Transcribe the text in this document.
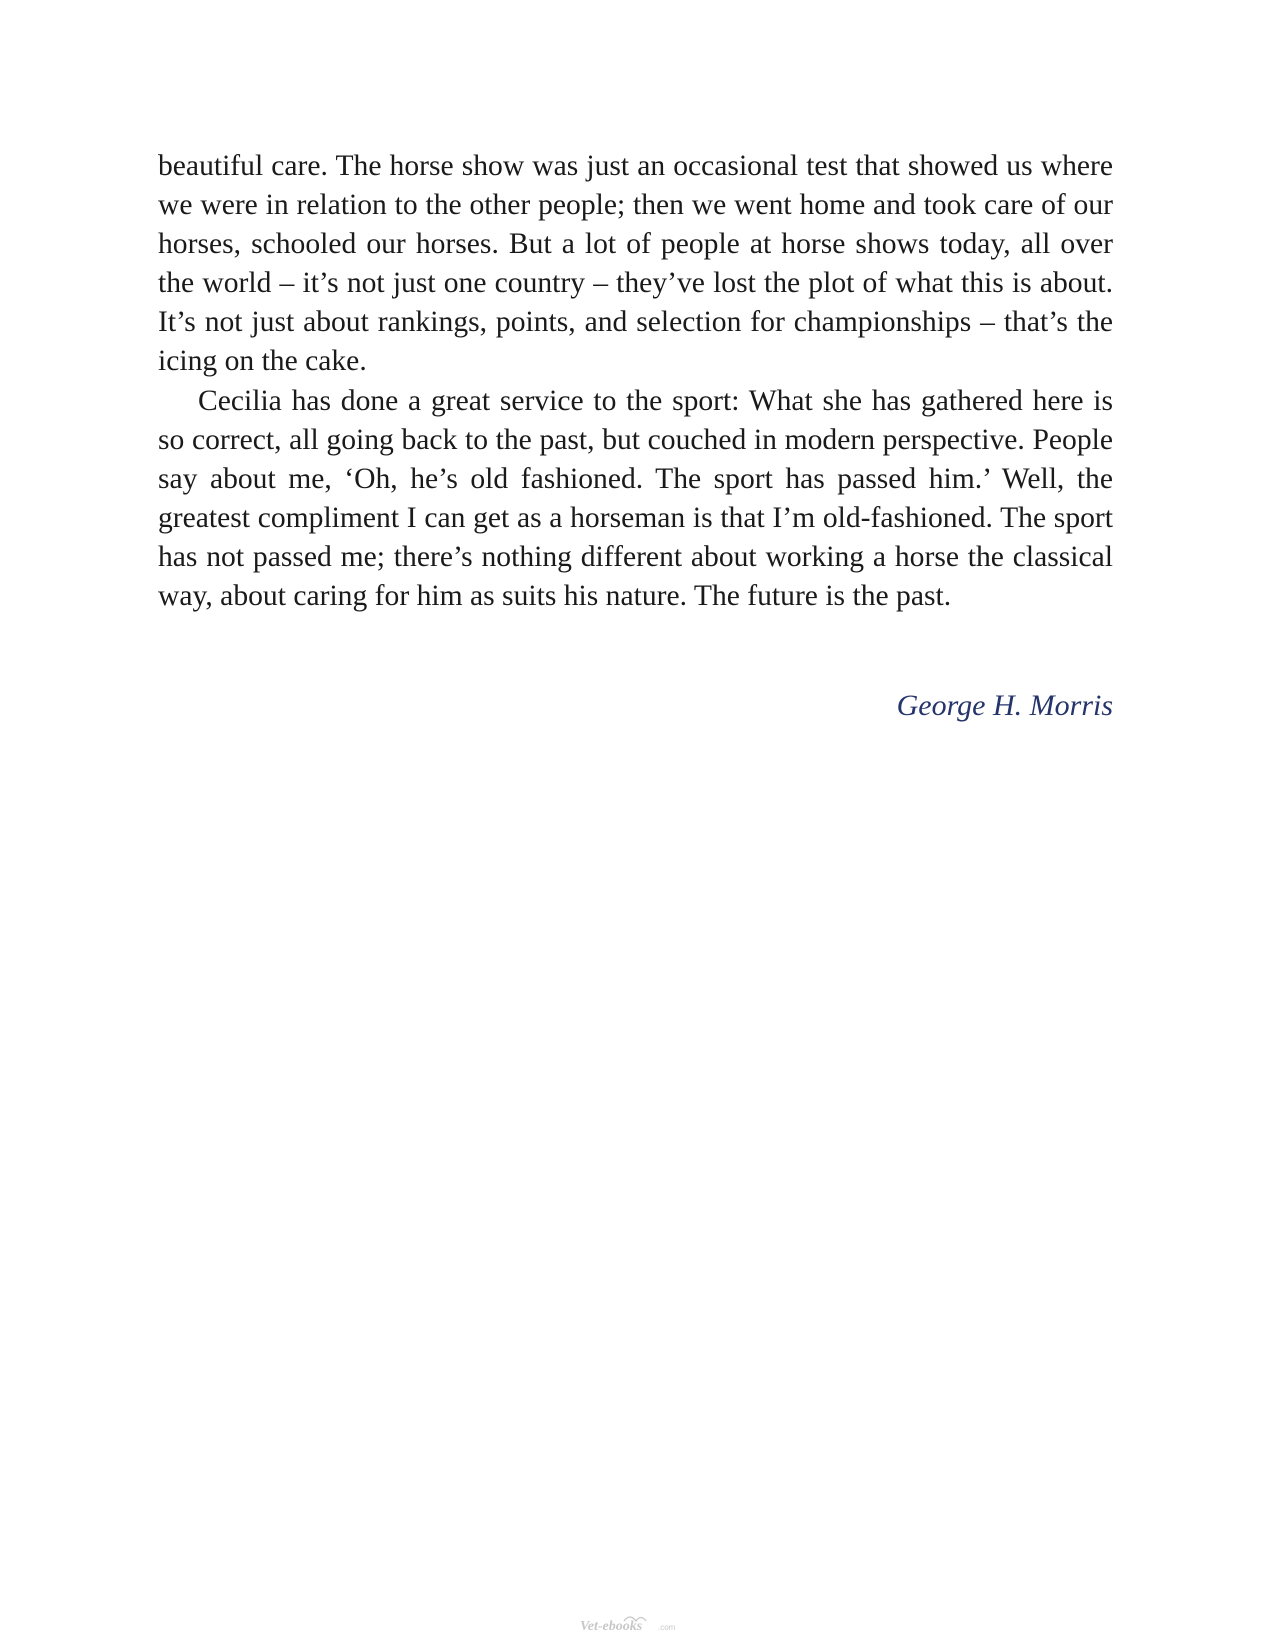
beautiful care. The horse show was just an occasional test that showed us where we were in relation to the other people; then we went home and took care of our horses, schooled our horses. But a lot of people at horse shows today, all over the world – it’s not just one country – they’ve lost the plot of what this is about. It’s not just about rankings, points, and selection for championships – that’s the icing on the cake.

Cecilia has done a great service to the sport: What she has gathered here is so correct, all going back to the past, but couched in modern perspective. People say about me, ‘Oh, he’s old fashioned. The sport has passed him.’ Well, the greatest compliment I can get as a horseman is that I’m old-fashioned. The sport has not passed me; there’s nothing different about working a horse the classical way, about caring for him as suits his nature. The future is the past.

George H. Morris
Vet-ebooks .com
